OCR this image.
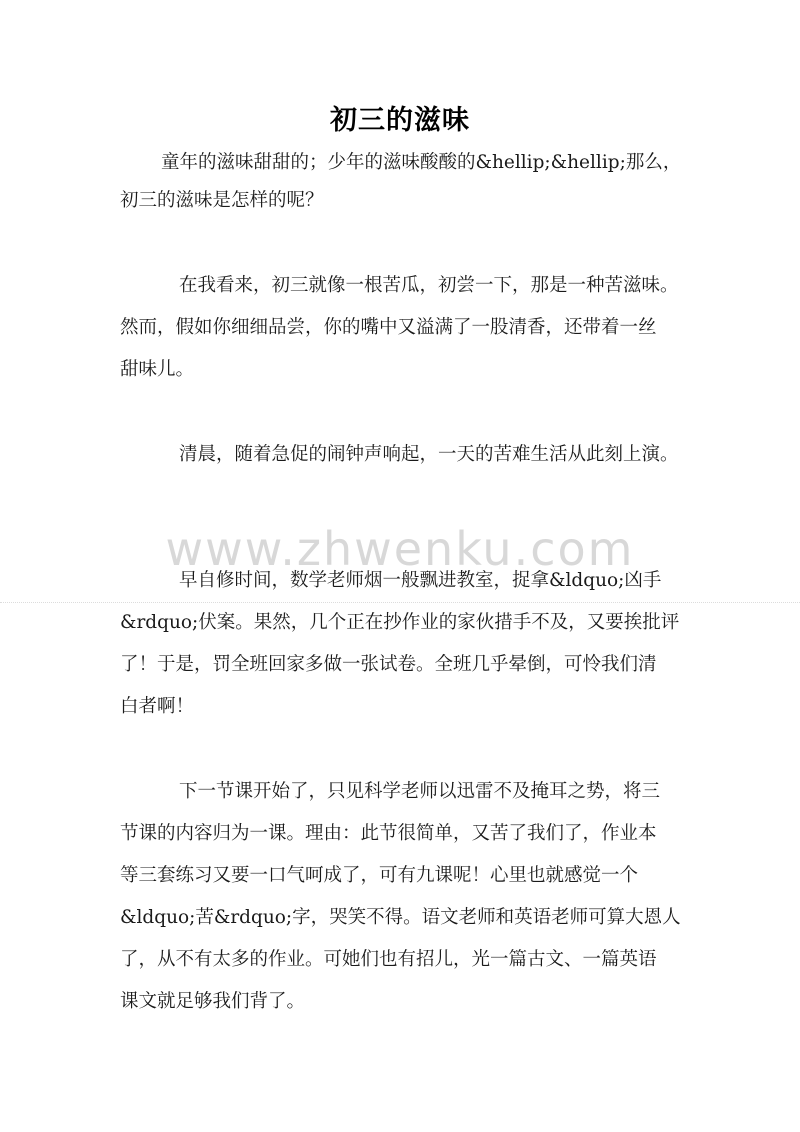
www.zhwenku.com
初三的滋味
童年的滋味甜甜的；少年的滋味酸酸的&hellip;&hellip;那么，
初三的滋味是怎样的呢？
在我看来，初三就像一根苦瓜，初尝一下，那是一种苦滋味。
然而，假如你细细品尝，你的嘴中又溢满了一股清香，还带着一丝
甜味儿。
清晨，随着急促的闹钟声响起，一天的苦难生活从此刻上演。
早自修时间，数学老师烟一般飘进教室，捉拿&ldquo;凶手
&rdquo;伏案。果然，几个正在抄作业的家伙措手不及，又要挨批评
了！于是，罚全班回家多做一张试卷。全班几乎晕倒，可怜我们清
白者啊！
下一节课开始了，只见科学老师以迅雷不及掩耳之势，将三
节课的内容归为一课。理由：此节很简单，又苦了我们了，作业本
等三套练习又要一口气呵成了，可有九课呢！心里也就感觉一个
&ldquo;苦&rdquo;字，哭笑不得。语文老师和英语老师可算大恩人
了，从不有太多的作业。可她们也有招儿，光一篇古文、一篇英语
课文就足够我们背了。
